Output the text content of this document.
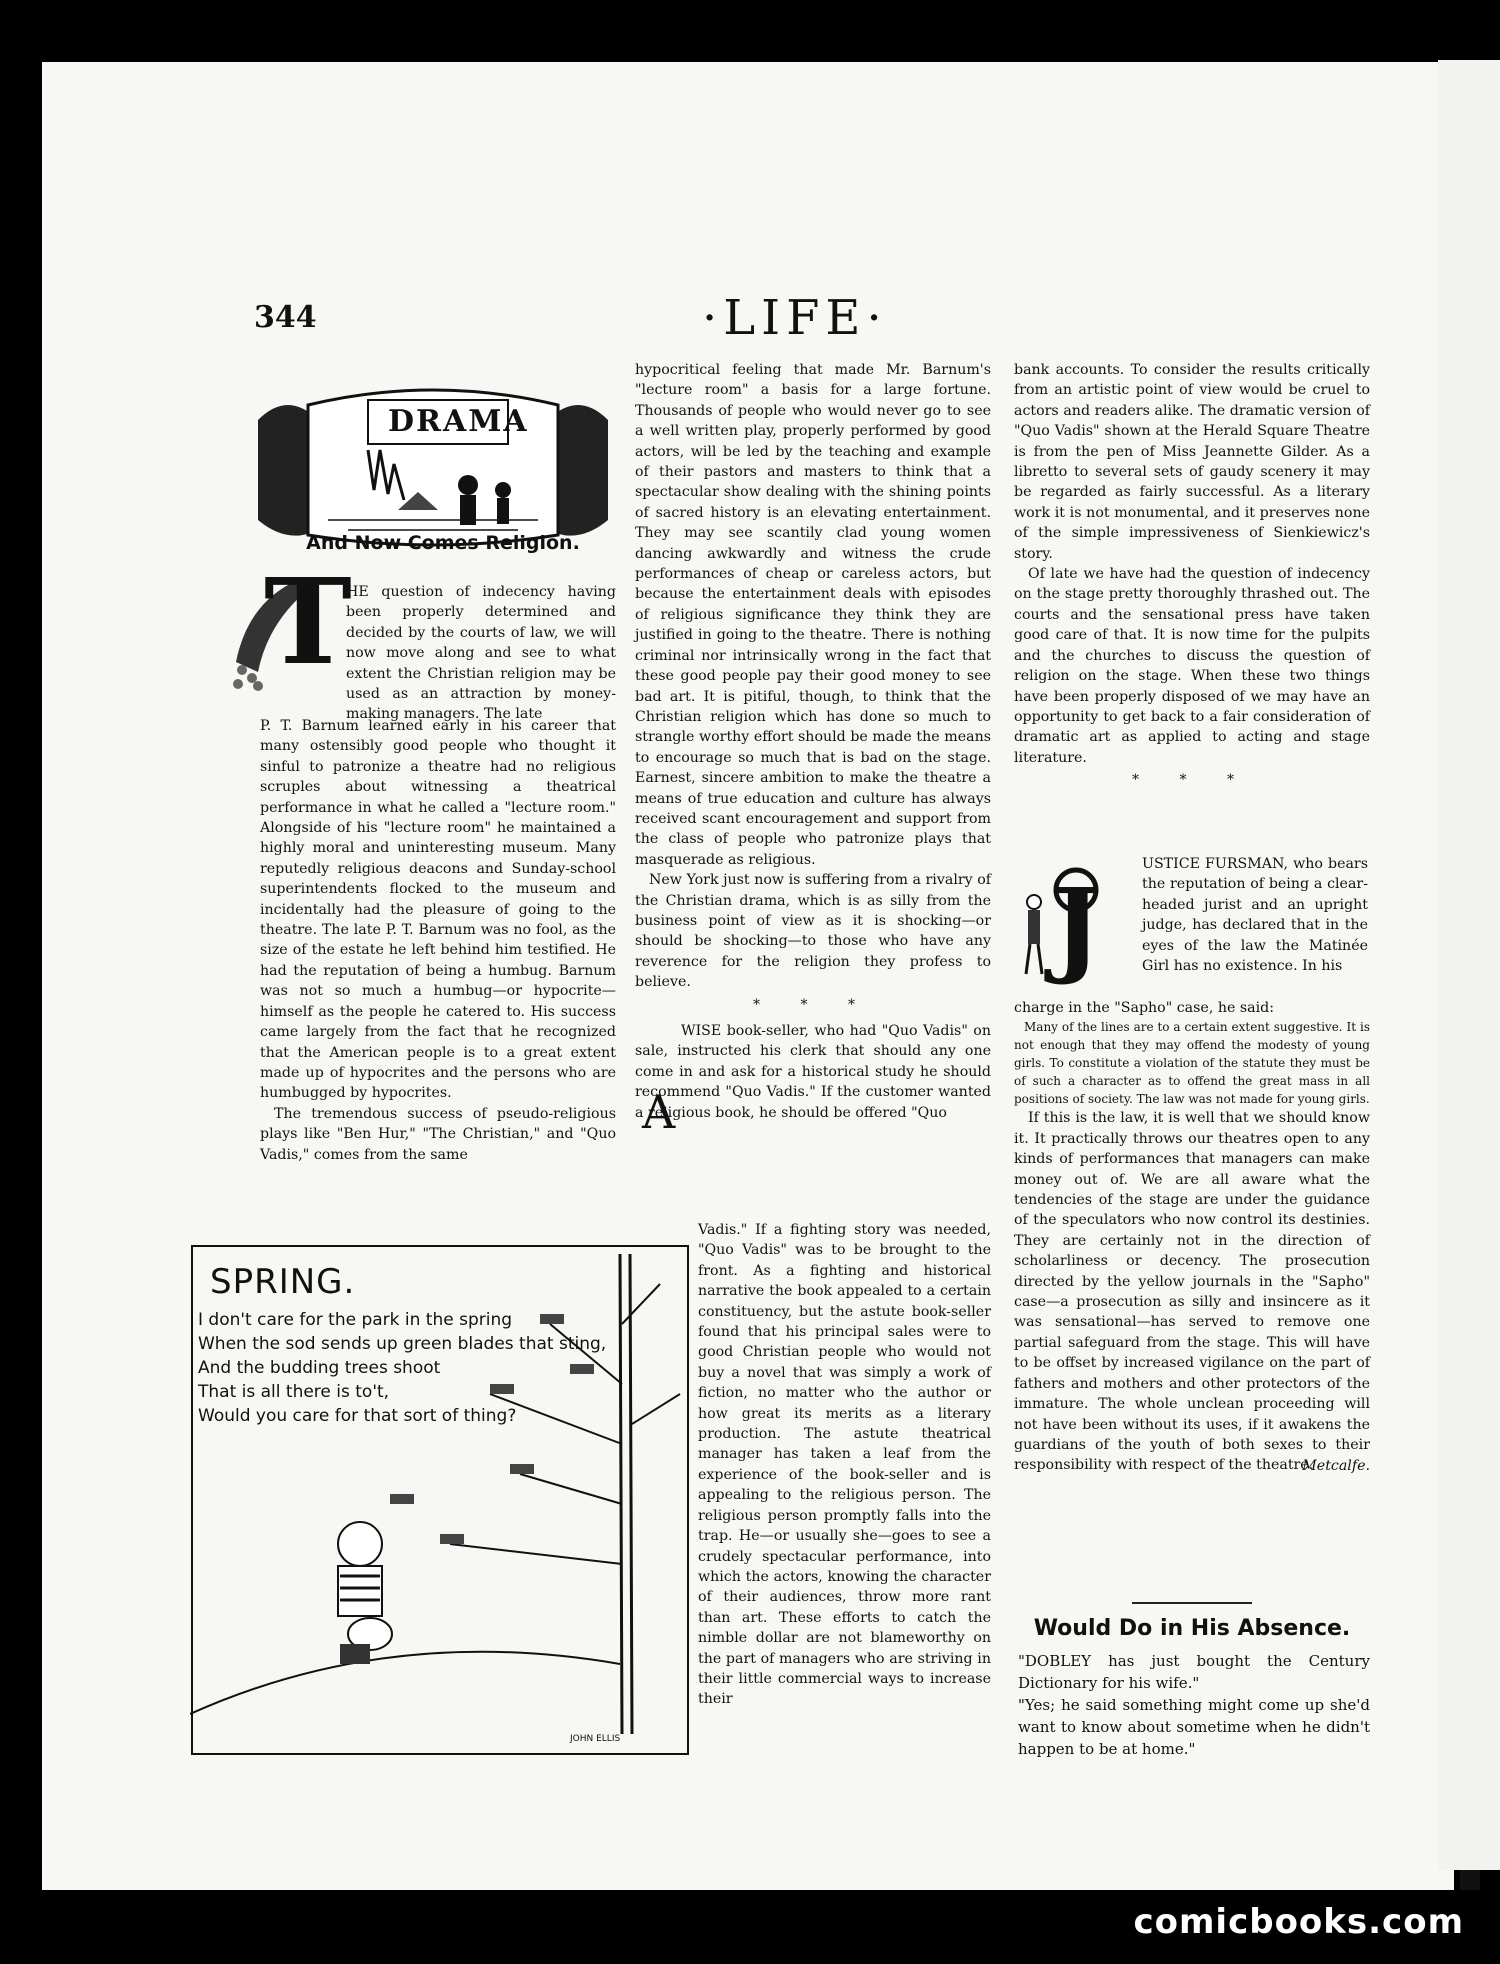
344	·LIFE·
DRAMA
And Now Comes Religion.
T

HE question of indecency having been properly determined and decided by the courts of law, we will now move along and see to what extent the Christian religion may be used as an attraction by money-making managers. The late

P. T. Barnum learned early in his career that many ostensibly good people who thought it sinful to patronize a theatre had no religious scruples about witnessing a theatrical performance in what he called a "lecture room." Alongside of his "lecture room" he maintained a highly moral and uninteresting museum. Many reputedly religious deacons and Sunday-school superintendents flocked to the museum and incidentally had the pleasure of going to the theatre. The late P. T. Barnum was no fool, as the size of the estate he left behind him testified. He had the reputation of being a humbug. Barnum was not so much a humbug—or hypocrite—himself as the people he catered to. His success came largely from the fact that he recognized that the American people is to a great extent made up of hypocrites and the persons who are humbugged by hypocrites.

The tremendous success of pseudo-religious plays like "Ben Hur," "The Christian," and "Quo Vadis," comes from the same

SPRING.
I don't care for the park in the spring
When the sod sends up green blades that sting,
And the budding trees shoot
That is all there is to't,
Would you care for that sort of thing?
JOHN ELLIS

hypocritical feeling that made Mr. Barnum's "lecture room" a basis for a large fortune. Thousands of people who would never go to see a well written play, properly performed by good actors, will be led by the teaching and example of their pastors and masters to think that a spectacular show dealing with the shining points of sacred history is an elevating entertainment. They may see scantily clad young women dancing awkwardly and witness the crude performances of cheap or careless actors, but because the entertainment deals with episodes of religious significance they think they are justified in going to the theatre. There is nothing criminal nor intrinsically wrong in the fact that these good people pay their good money to see bad art. It is pitiful, though, to think that the Christian religion which has done so much to strangle worthy effort should be made the means to encourage so much that is bad on the stage. Earnest, sincere ambition to make the theatre a means of true education and culture has always received scant encouragement and support from the class of people who patronize plays that masquerade as religious.

New York just now is suffering from a rivalry of the Christian drama, which is as silly from the business point of view as it is shocking—or should be shocking—to those who have any reverence for the religion they profess to believe.

* * *

WISE book-seller, who had "Quo Vadis" on sale, instructed his clerk that should any one come in and ask for a historical study he should recommend "Quo Vadis." If the customer wanted a religious book, he should be offered "Quo

A

Vadis." If a fighting story was needed, "Quo Vadis" was to be brought to the front. As a fighting and historical narrative the book appealed to a certain constituency, but the astute book-seller found that his principal sales were to good Christian people who would not buy a novel that was simply a work of fiction, no matter who the author or how great its merits as a literary production. The astute theatrical manager has taken a leaf from the experience of the book-seller and is appealing to the religious person. The religious person promptly falls into the trap. He—or usually she—goes to see a crudely spectacular performance, into which the actors, knowing the character of their audiences, throw more rant than art. These efforts to catch the nimble dollar are not blameworthy on the part of managers who are striving in their little commercial ways to increase their

bank accounts. To consider the results critically from an artistic point of view would be cruel to actors and readers alike. The dramatic version of "Quo Vadis" shown at the Herald Square Theatre is from the pen of Miss Jeannette Gilder. As a libretto to several sets of gaudy scenery it may be regarded as fairly successful. As a literary work it is not monumental, and it preserves none of the simple impressiveness of Sienkiewicz's story.

Of late we have had the question of indecency on the stage pretty thoroughly thrashed out. The courts and the sensational press have taken good care of that. It is now time for the pulpits and the churches to discuss the question of religion on the stage. When these two things have been properly disposed of we may have an opportunity to get back to a fair consideration of dramatic art as applied to acting and stage literature.

* * *
J

USTICE FURSMAN, who bears the reputation of being a clear-headed jurist and an upright judge, has declared that in the eyes of the law the Matinée Girl has no existence. In his

charge in the "Sapho" case, he said:

Many of the lines are to a certain extent suggestive. It is not enough that they may offend the modesty of young girls. To constitute a violation of the statute they must be of such a character as to offend the great mass in all positions of society. The law was not made for young girls.

If this is the law, it is well that we should know it. It practically throws our theatres open to any kinds of performances that managers can make money out of. We are all aware what the tendencies of the stage are under the guidance of the speculators who now control its destinies. They are certainly not in the direction of scholarliness or decency. The prosecution directed by the yellow journals in the "Sapho" case—a prosecution as silly and insincere as it was sensational—has served to remove one partial safeguard from the stage. This will have to be offset by increased vigilance on the part of fathers and mothers and other protectors of the immature. The whole unclean proceeding will not have been without its uses, if it awakens the guardians of the youth of both sexes to their responsibility with respect of the theatre.

Metcalfe.
Would Do in His Absence.

"DOBLEY has just bought the Century Dictionary for his wife."

"Yes; he said something might come up she'd want to know about sometime when he didn't happen to be at home."

comicbooks.com
